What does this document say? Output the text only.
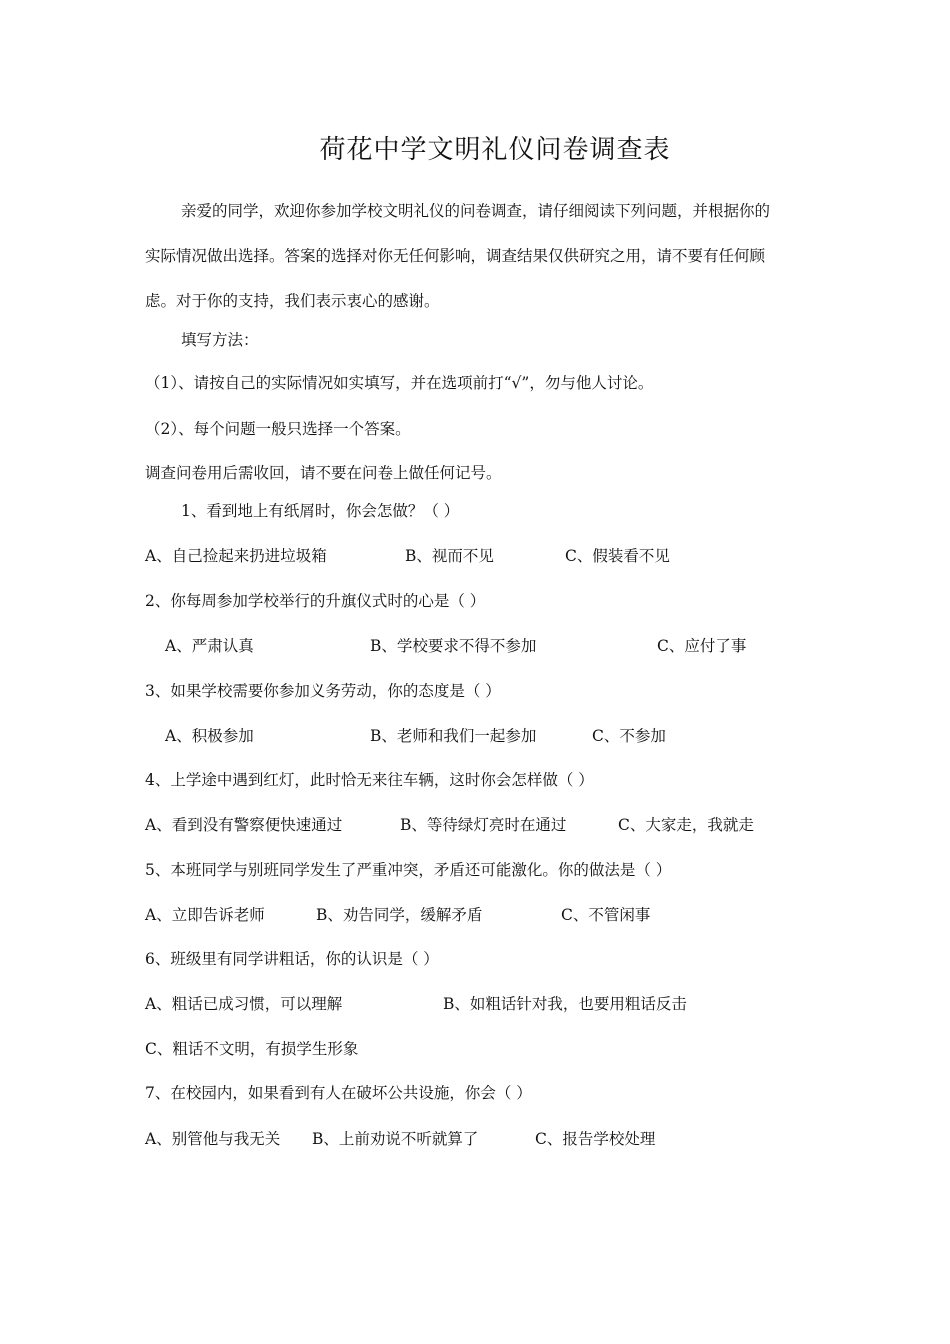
荷花中学文明礼仪问卷调查表
亲爱的同学，欢迎你参加学校文明礼仪的问卷调查，请仔细阅读下列问题，并根据你的
实际情况做出选择。答案的选择对你无任何影响，调查结果仅供研究之用，请不要有任何顾
虑。对于你的支持，我们表示衷心的感谢。
填写方法：
（1）、请按自己的实际情况如实填写，并在选项前打“√”，勿与他人讨论。
（2）、每个问题一般只选择一个答案。
调查问卷用后需收回，请不要在问卷上做任何记号。
1、看到地上有纸屑时，你会怎做？（ ）
A、自己捡起来扔进垃圾箱	B、视而不见	C、假装看不见
2、你每周参加学校举行的升旗仪式时的心是（ ）
A、严肃认真	B、学校要求不得不参加	C、应付了事
3、如果学校需要你参加义务劳动，你的态度是（ ）
A、积极参加	B、老师和我们一起参加	C、不参加
4、上学途中遇到红灯，此时恰无来往车辆，这时你会怎样做（ ）
A、看到没有警察便快速通过	B、等待绿灯亮时在通过	C、大家走，我就走
5、本班同学与别班同学发生了严重冲突，矛盾还可能激化。你的做法是（ ）
A、立即告诉老师	B、劝告同学，缓解矛盾	C、不管闲事
6、班级里有同学讲粗话，你的认识是（ ）
A、粗话已成习惯，可以理解	B、如粗话针对我，也要用粗话反击
C、粗话不文明，有损学生形象
7、在校园内，如果看到有人在破坏公共设施，你会（ ）
A、别管他与我无关 B、上前劝说不听就算了	C、报告学校处理
